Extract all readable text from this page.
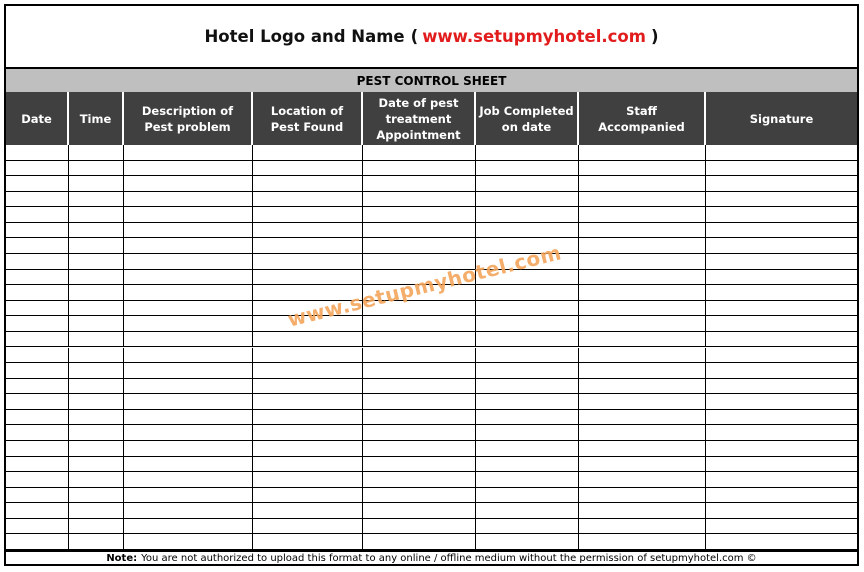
Hotel Logo and Name ( www.setupmyhotel.com )
PEST CONTROL SHEET
Date	Time
Description of Pest problem
Location of Pest Found
Date of pest treatment Appointment
Job Completed on date
Staff Accompanied
Signature
www.setupmyhotel.com
Note: You are not authorized to upload this format to any online / offline medium without the permission of setupmyhotel.com ©
